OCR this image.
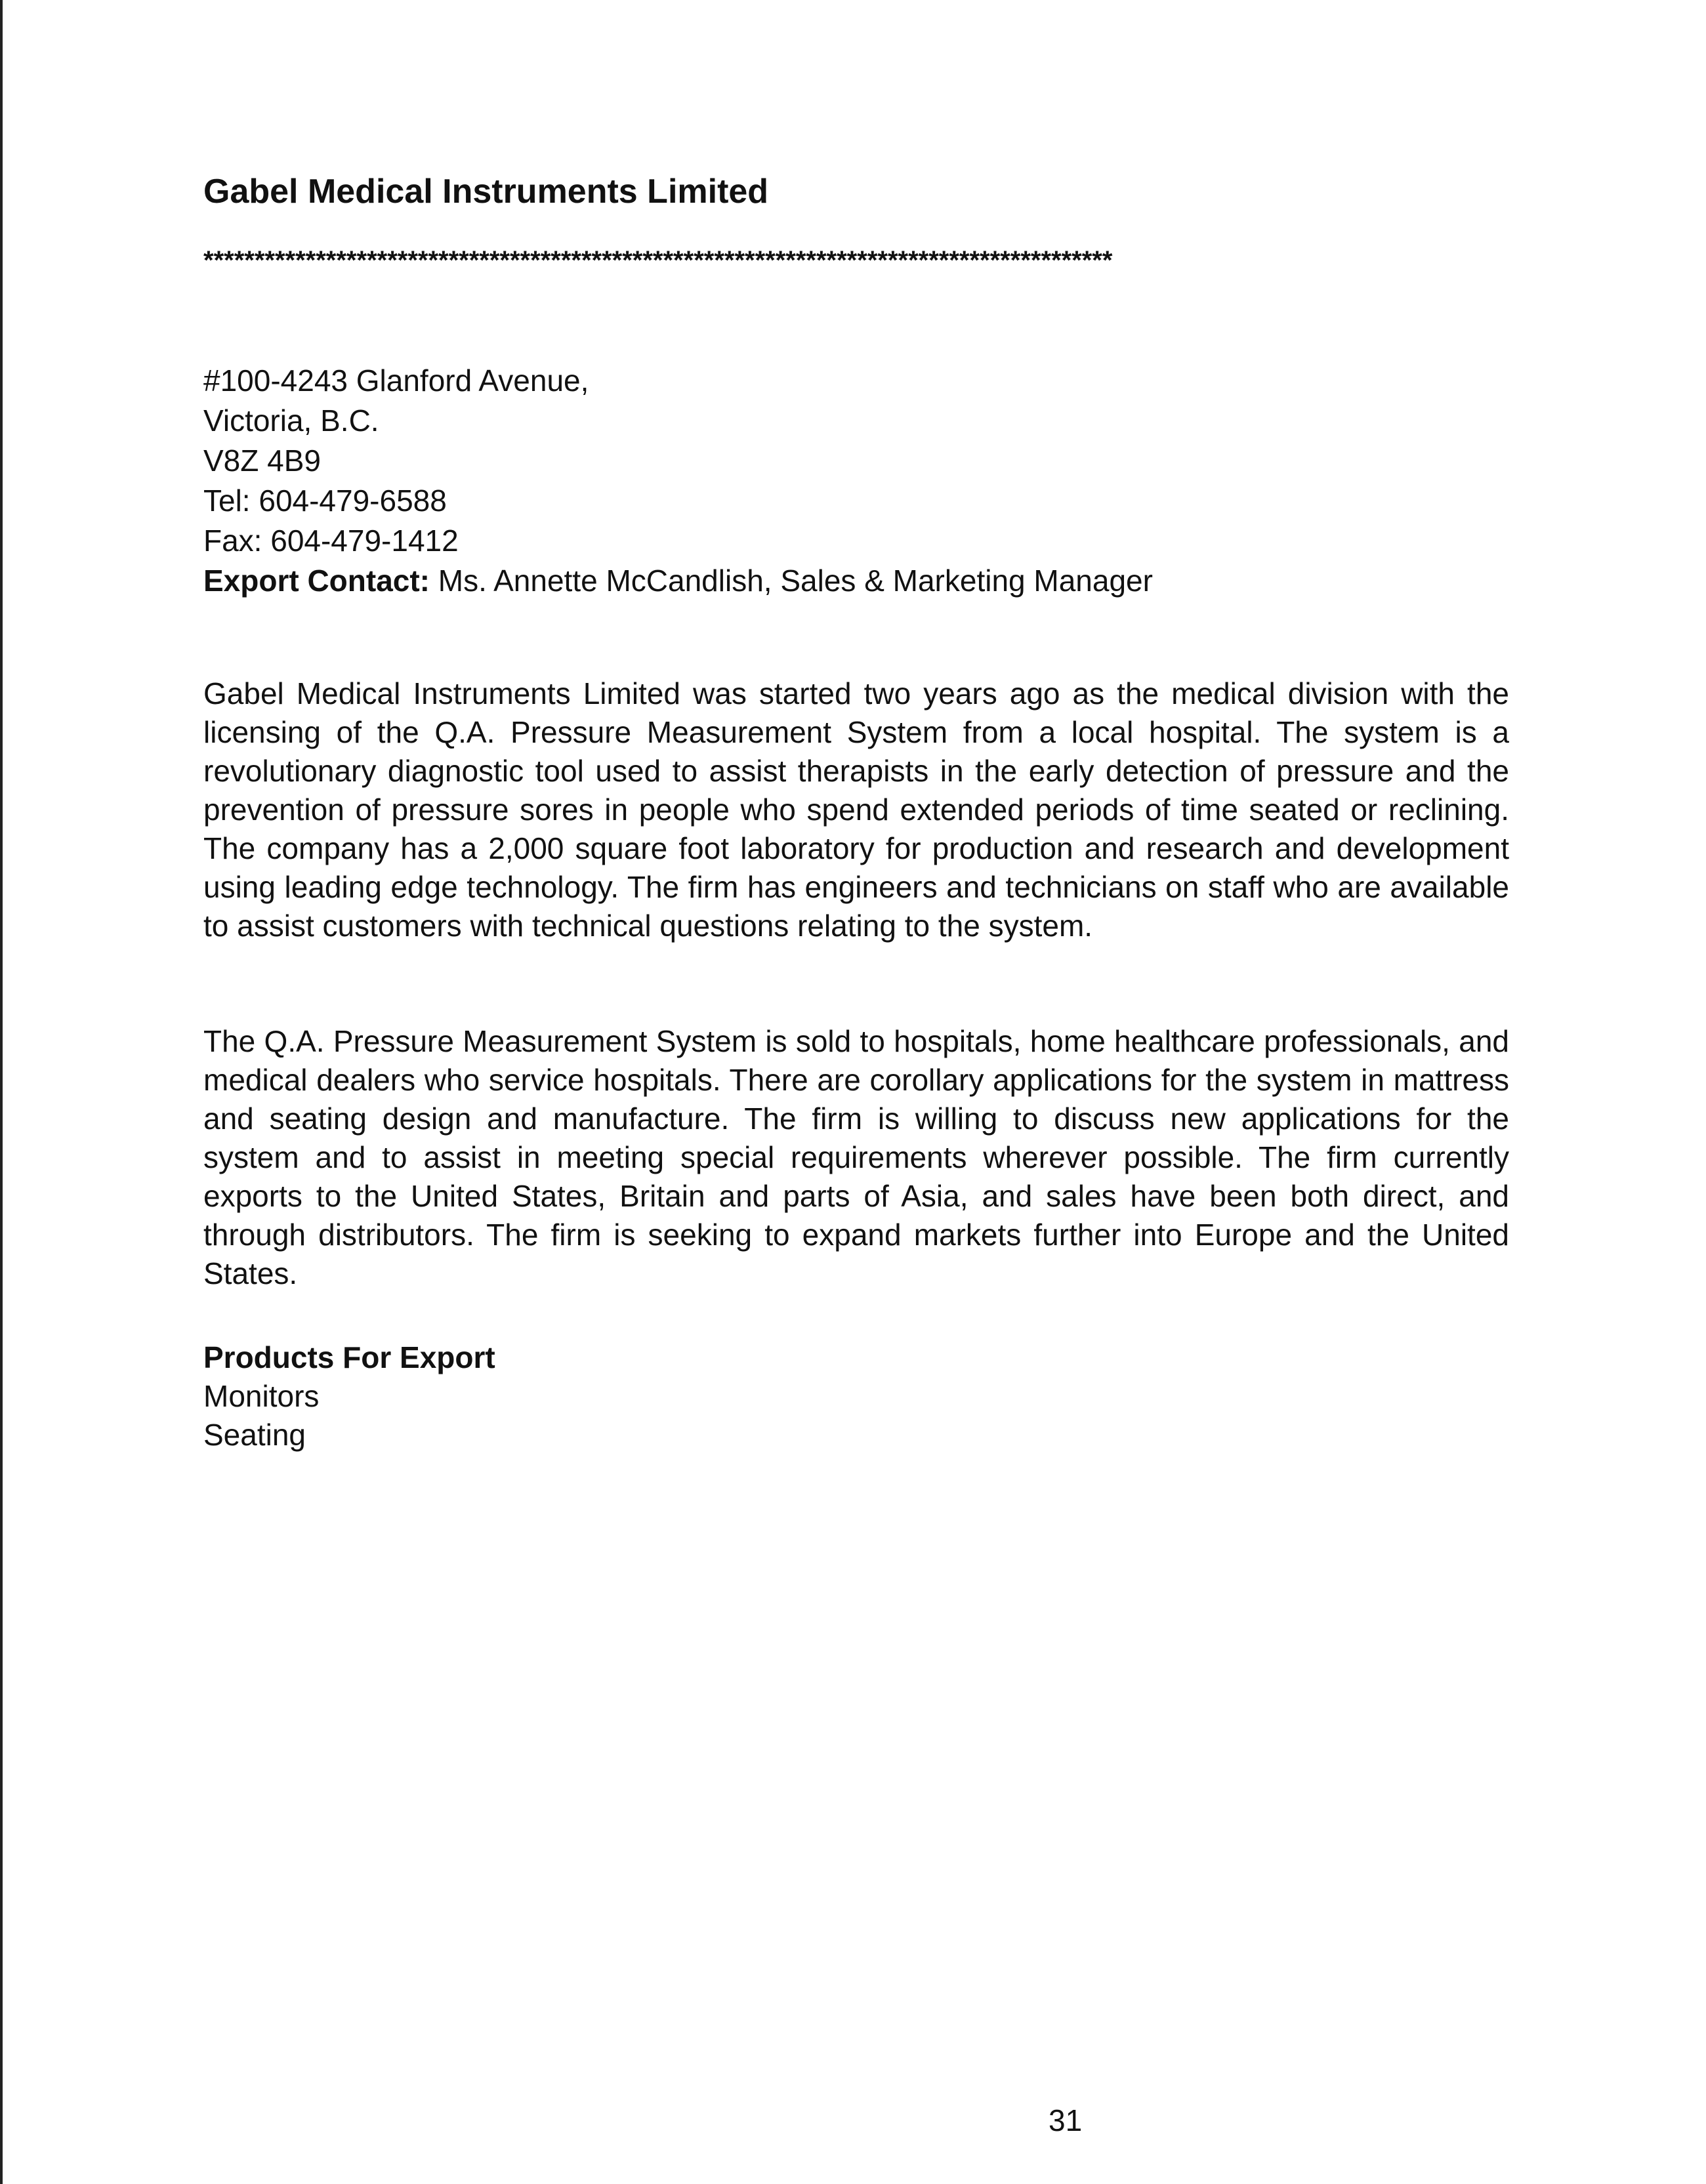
Gabel Medical Instruments Limited
*****************************************************************************************
#100-4243 Glanford Avenue,
Victoria, B.C.
V8Z 4B9
Tel: 604-479-6588
Fax: 604-479-1412
Export Contact: Ms. Annette McCandlish, Sales & Marketing Manager

Gabel Medical Instruments Limited was started two years ago as the medical division with the licensing of the Q.A. Pressure Measurement System from a local hospital. The system is a revolutionary diagnostic tool used to assist therapists in the early detection of pressure and the prevention of pressure sores in people who spend extended periods of time seated or reclining. The company has a 2,000 square foot laboratory for production and research and development using leading edge technology. The firm has engineers and technicians on staff who are available to assist customers with technical questions relating to the system.

The Q.A. Pressure Measurement System is sold to hospitals, home healthcare professionals, and medical dealers who service hospitals. There are corollary applications for the system in mattress and seating design and manufacture. The firm is willing to discuss new applications for the system and to assist in meeting special requirements wherever possible. The firm currently exports to the United States, Britain and parts of Asia, and sales have been both direct, and through distributors. The firm is seeking to expand markets further into Europe and the United States.

Products For Export
Monitors
Seating
31
